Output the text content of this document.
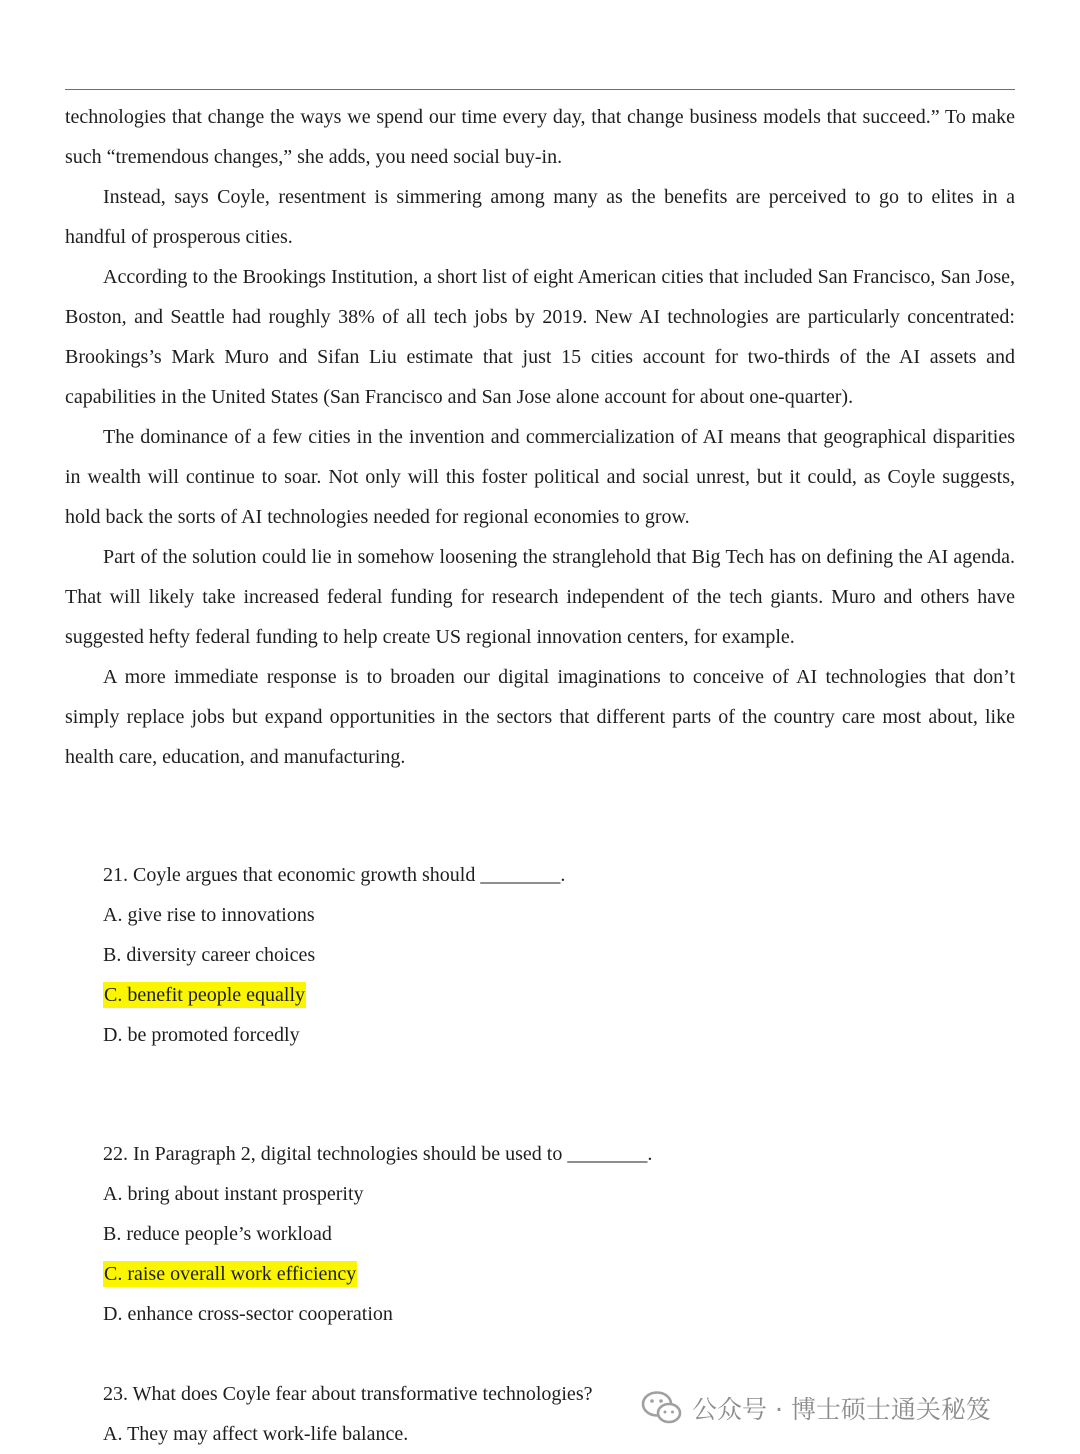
technologies that change the ways we spend our time every day, that change business models that succeed.” To make such “tremendous changes,” she adds, you need social buy-in.

Instead, says Coyle, resentment is simmering among many as the benefits are perceived to go to elites in a handful of prosperous cities.

According to the Brookings Institution, a short list of eight American cities that included San Francisco, San Jose, Boston, and Seattle had roughly 38% of all tech jobs by 2019. New AI technologies are particularly concentrated: Brookings’s Mark Muro and Sifan Liu estimate that just 15 cities account for two-thirds of the AI assets and capabilities in the United States (San Francisco and San Jose alone account for about one-quarter).

The dominance of a few cities in the invention and commercialization of AI means that geographical disparities in wealth will continue to soar. Not only will this foster political and social unrest, but it could, as Coyle suggests, hold back the sorts of AI technologies needed for regional economies to grow.

Part of the solution could lie in somehow loosening the stranglehold that Big Tech has on defining the AI agenda. That will likely take increased federal funding for research independent of the tech giants. Muro and others have suggested hefty federal funding to help create US regional innovation centers, for example.

A more immediate response is to broaden our digital imaginations to conceive of AI technologies that don’t simply replace jobs but expand opportunities in the sectors that different parts of the country care most about, like health care, education, and manufacturing.

21. Coyle argues that economic growth should ________.
A. give rise to innovations
B. diversity career choices
C. benefit people equally
D. be promoted forcedly
22. In Paragraph 2, digital technologies should be used to ________.
A. bring about instant prosperity
B. reduce people’s workload
C. raise overall work efficiency
D. enhance cross-sector cooperation
23. What does Coyle fear about transformative technologies?
A. They may affect work-life balance.
公众号 · 博士硕士通关秘笈
